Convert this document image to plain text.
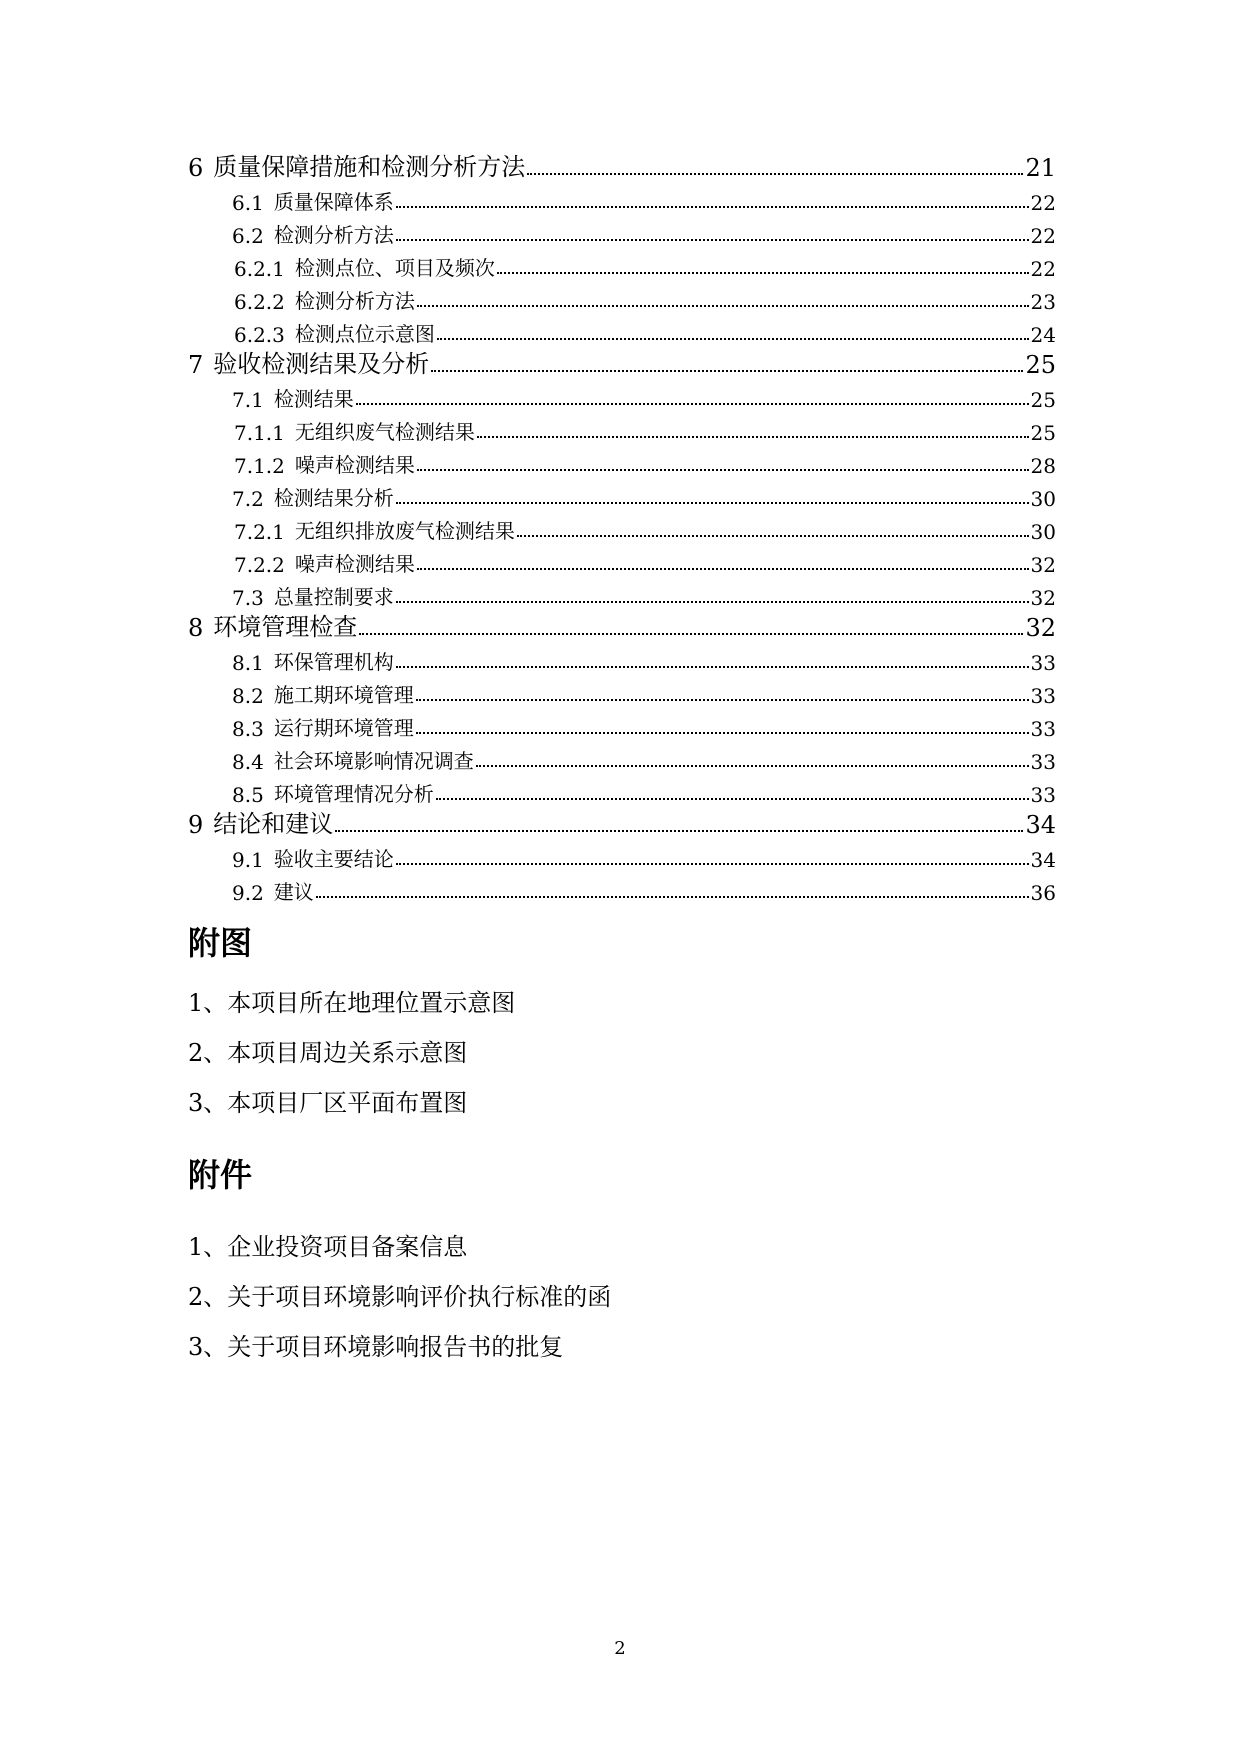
6 质量保障措施和检测分析方法	21
6.1 质量保障体系	22
6.2 检测分析方法	22
6.2.1 检测点位、项目及频次	22
6.2.2 检测分析方法	23
6.2.3 检测点位示意图	24
7 验收检测结果及分析	25
7.1 检测结果	25
7.1.1 无组织废气检测结果	25
7.1.2 噪声检测结果	28
7.2 检测结果分析	30
7.2.1 无组织排放废气检测结果	30
7.2.2 噪声检测结果	32
7.3 总量控制要求	32
8 环境管理检查	32
8.1 环保管理机构	33
8.2 施工期环境管理	33
8.3 运行期环境管理	33
8.4 社会环境影响情况调查	33
8.5 环境管理情况分析	33
9 结论和建议	34
9.1 验收主要结论	34
9.2 建议	36
附图
1、本项目所在地理位置示意图
2、本项目周边关系示意图
3、本项目厂区平面布置图
附件
1、企业投资项目备案信息
2、关于项目环境影响评价执行标准的函
3、关于项目环境影响报告书的批复
2
